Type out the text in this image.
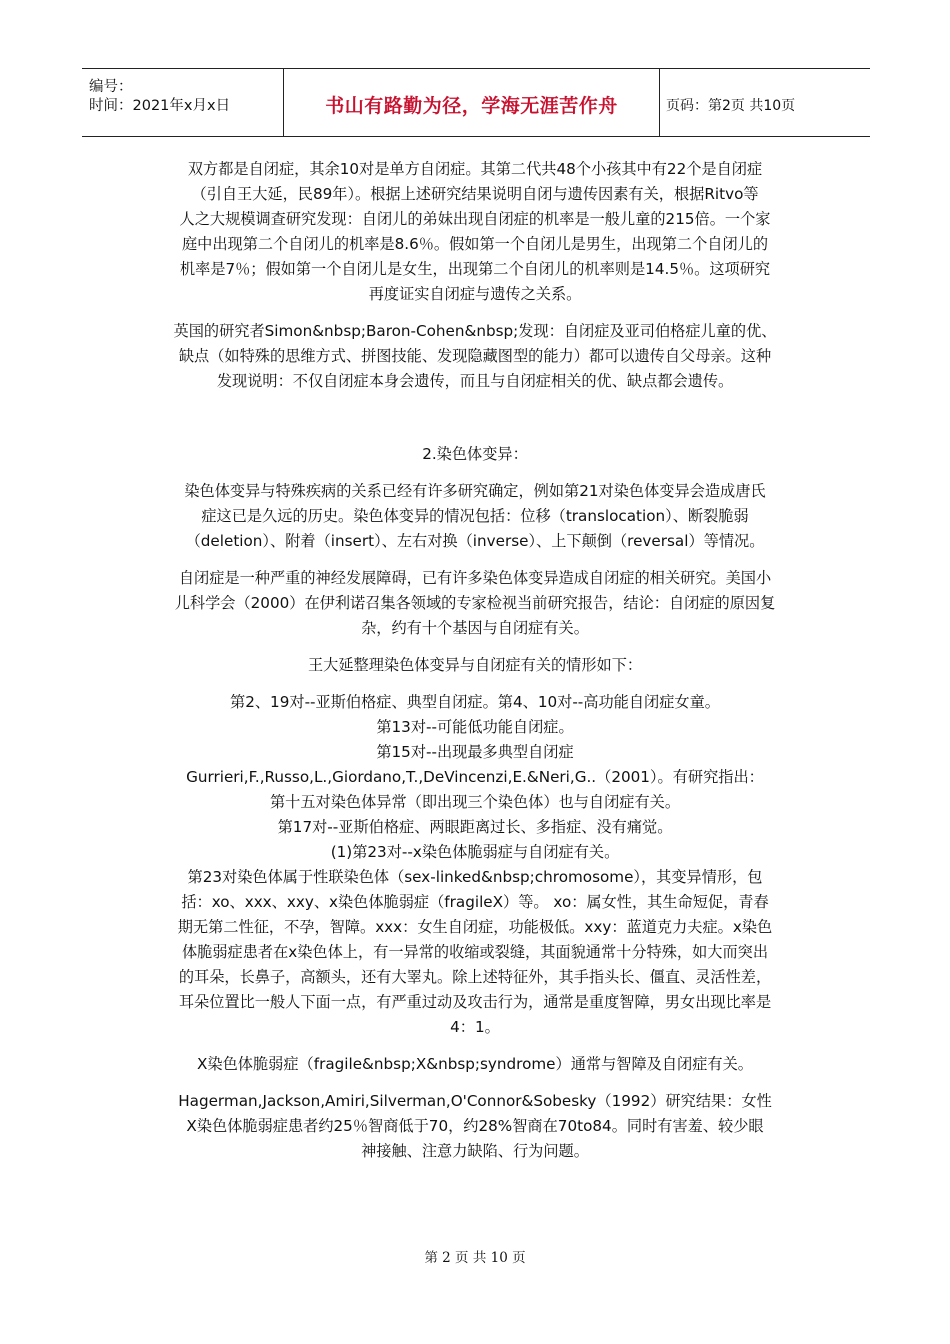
编号：
时间：2021年x月x日	书山有路勤为径，学海无涯苦作舟	页码：第2页 共10页
双方都是自闭症，其余10对是单方自闭症。其第二代共48个小孩其中有22个是自闭症
（引自王大延，民89年）。根据上述研究结果说明自闭与遗传因素有关，根据Ritvo等
人之大规模调查研究发现：自闭儿的弟妹出现自闭症的机率是一般儿童的215倍。一个家
庭中出现第二个自闭儿的机率是8.6％。假如第一个自闭儿是男生，出现第二个自闭儿的
机率是7％；假如第一个自闭儿是女生，出现第二个自闭儿的机率则是14.5％。这项研究
再度证实自闭症与遗传之关系。
英国的研究者Simon&nbsp;Baron-Cohen&nbsp;发现：自闭症及亚司伯格症儿童的优、
缺点（如特殊的思维方式、拼图技能、发现隐藏图型的能力）都可以遗传自父母亲。这种
发现说明：不仅自闭症本身会遗传，而且与自闭症相关的优、缺点都会遗传。
2.染色体变异：
染色体变异与特殊疾病的关系已经有许多研究确定，例如第21对染色体变异会造成唐氏
症这已是久远的历史。染色体变异的情况包括：位移（translocation）、断裂脆弱
（deletion）、附着（insert）、左右对换（inverse）、上下颠倒（reversal）等情况。
自闭症是一种严重的神经发展障碍，已有许多染色体变异造成自闭症的相关研究。美国小
儿科学会（2000）在伊利诺召集各领域的专家检视当前研究报告，结论：自闭症的原因复
杂，约有十个基因与自闭症有关。
王大延整理染色体变异与自闭症有关的情形如下：
第2、19对--亚斯伯格症、典型自闭症。第4、10对--高功能自闭症女童。
第13对--可能低功能自闭症。
第15对--出现最多典型自闭症
Gurrieri,F.,Russo,L.,Giordano,T.,DeVincenzi,E.&Neri,G..（2001）。有研究指出：
第十五对染色体异常（即出现三个染色体）也与自闭症有关。
第17对--亚斯伯格症、两眼距离过长、多指症、没有痛觉。
(1)第23对--x染色体脆弱症与自闭症有关。
第23对染色体属于性联染色体（sex-linked&nbsp;chromosome），其变异情形，包
括：xo、xxx、xxy、x染色体脆弱症（fragileX）等。 xo：属女性，其生命短促，青春
期无第二性征，不孕，智障。xxx：女生自闭症，功能极低。xxy：蓝道克力夫症。x染色
体脆弱症患者在x染色体上，有一异常的收缩或裂缝，其面貌通常十分特殊，如大而突出
的耳朵，长鼻子，高额头，还有大睪丸。除上述特征外，其手指头长、僵直、灵活性差，
耳朵位置比一般人下面一点，有严重过动及攻击行为，通常是重度智障，男女出现比率是
4：1。
X染色体脆弱症（fragile&nbsp;X&nbsp;syndrome）通常与智障及自闭症有关。
Hagerman,Jackson,Amiri,Silverman,O'Connor&Sobesky（1992）研究结果：女性
X染色体脆弱症患者约25％智商低于70，约28%智商在70to84。同时有害羞、较少眼
神接触、注意力缺陷、行为问题。
第 2 页 共 10 页
